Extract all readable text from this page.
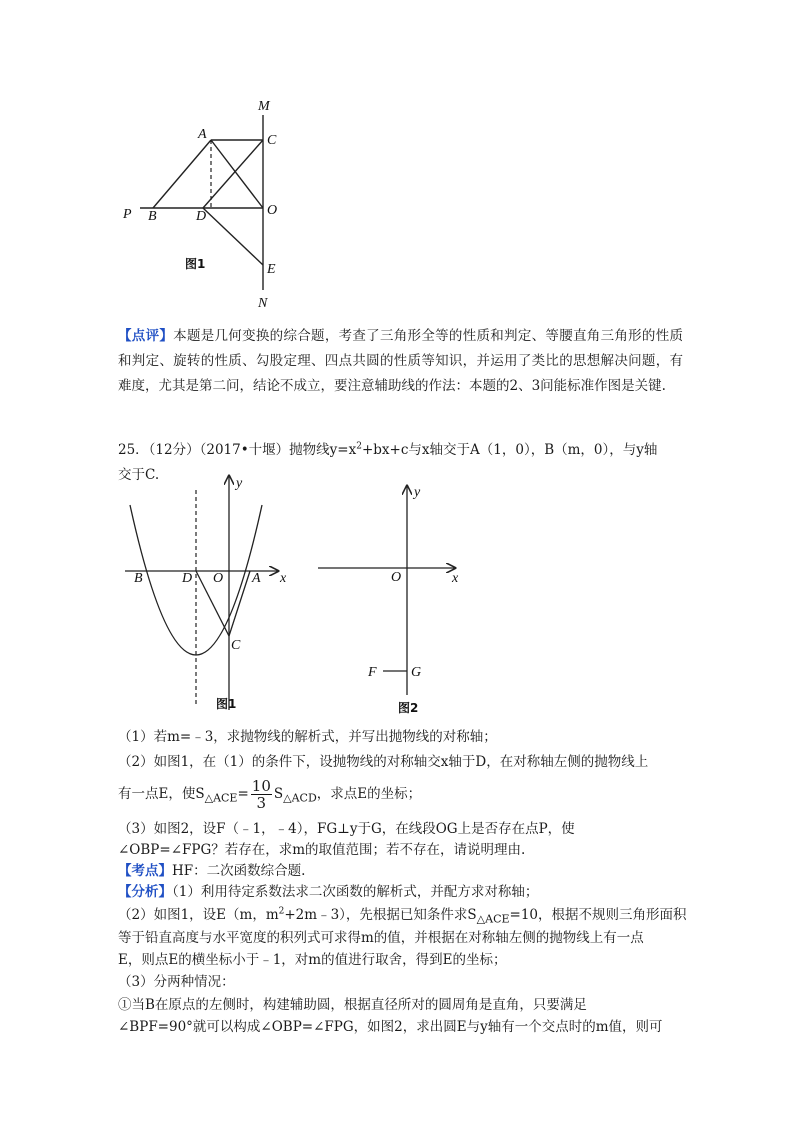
M
A	C
P B	D	O
E
N
图1
【点评】本题是几何变换的综合题，考查了三角形全等的性质和判定、等腰直角三角形的性质和判定、旋转的性质、勾股定理、四点共圆的性质等知识，并运用了类比的思想解决问题，有难度，尤其是第二问，结论不成立，要注意辅助线的作法：本题的2、3问能标准作图是关键.
25．（12分）（2017•十堰）抛物线$y=x^2+bx+c$与x轴交于A（1，0），B（m，0），与y轴
交于C.
y
B	D O A x
C
图1
y
O	x
F G
图2
（1）若m=﹣3，求抛物线的解析式，并写出抛物线的对称轴；
（2）如图1，在（1）的条件下，设抛物线的对称轴交x轴于D，在对称轴左侧的抛物线上
有一点E，使$S_{\triangle ACE}= \frac{10}{3} S_{\triangle ACD}$，求点E的坐标；
（3）如图2，设F（﹣1，﹣4），FG⊥y于G，在线段OG上是否存在点P，使
∠OBP=∠FPG？若存在，求m的取值范围；若不存在，请说明理由.
【考点】HF：二次函数综合题.
【分析】（1）利用待定系数法求二次函数的解析式，并配方求对称轴；
（2）如图1，设E（m，$m^2+2m﹣3$），先根据已知条件求$S_{\triangle ACE}=10$，根据不规则三角形面积
等于铅直高度与水平宽度的积列式可求得m的值，并根据在对称轴左侧的抛物线上有一点
E，则点E的横坐标小于﹣1，对m的值进行取舍，得到E的坐标；
（3）分两种情况：
①当B在原点的左侧时，构建辅助圆，根据直径所对的圆周角是直角，只要满足
∠BPF=90°就可以构成∠OBP=∠FPG，如图2，求出圆E与y轴有一个交点时的m值，则可
